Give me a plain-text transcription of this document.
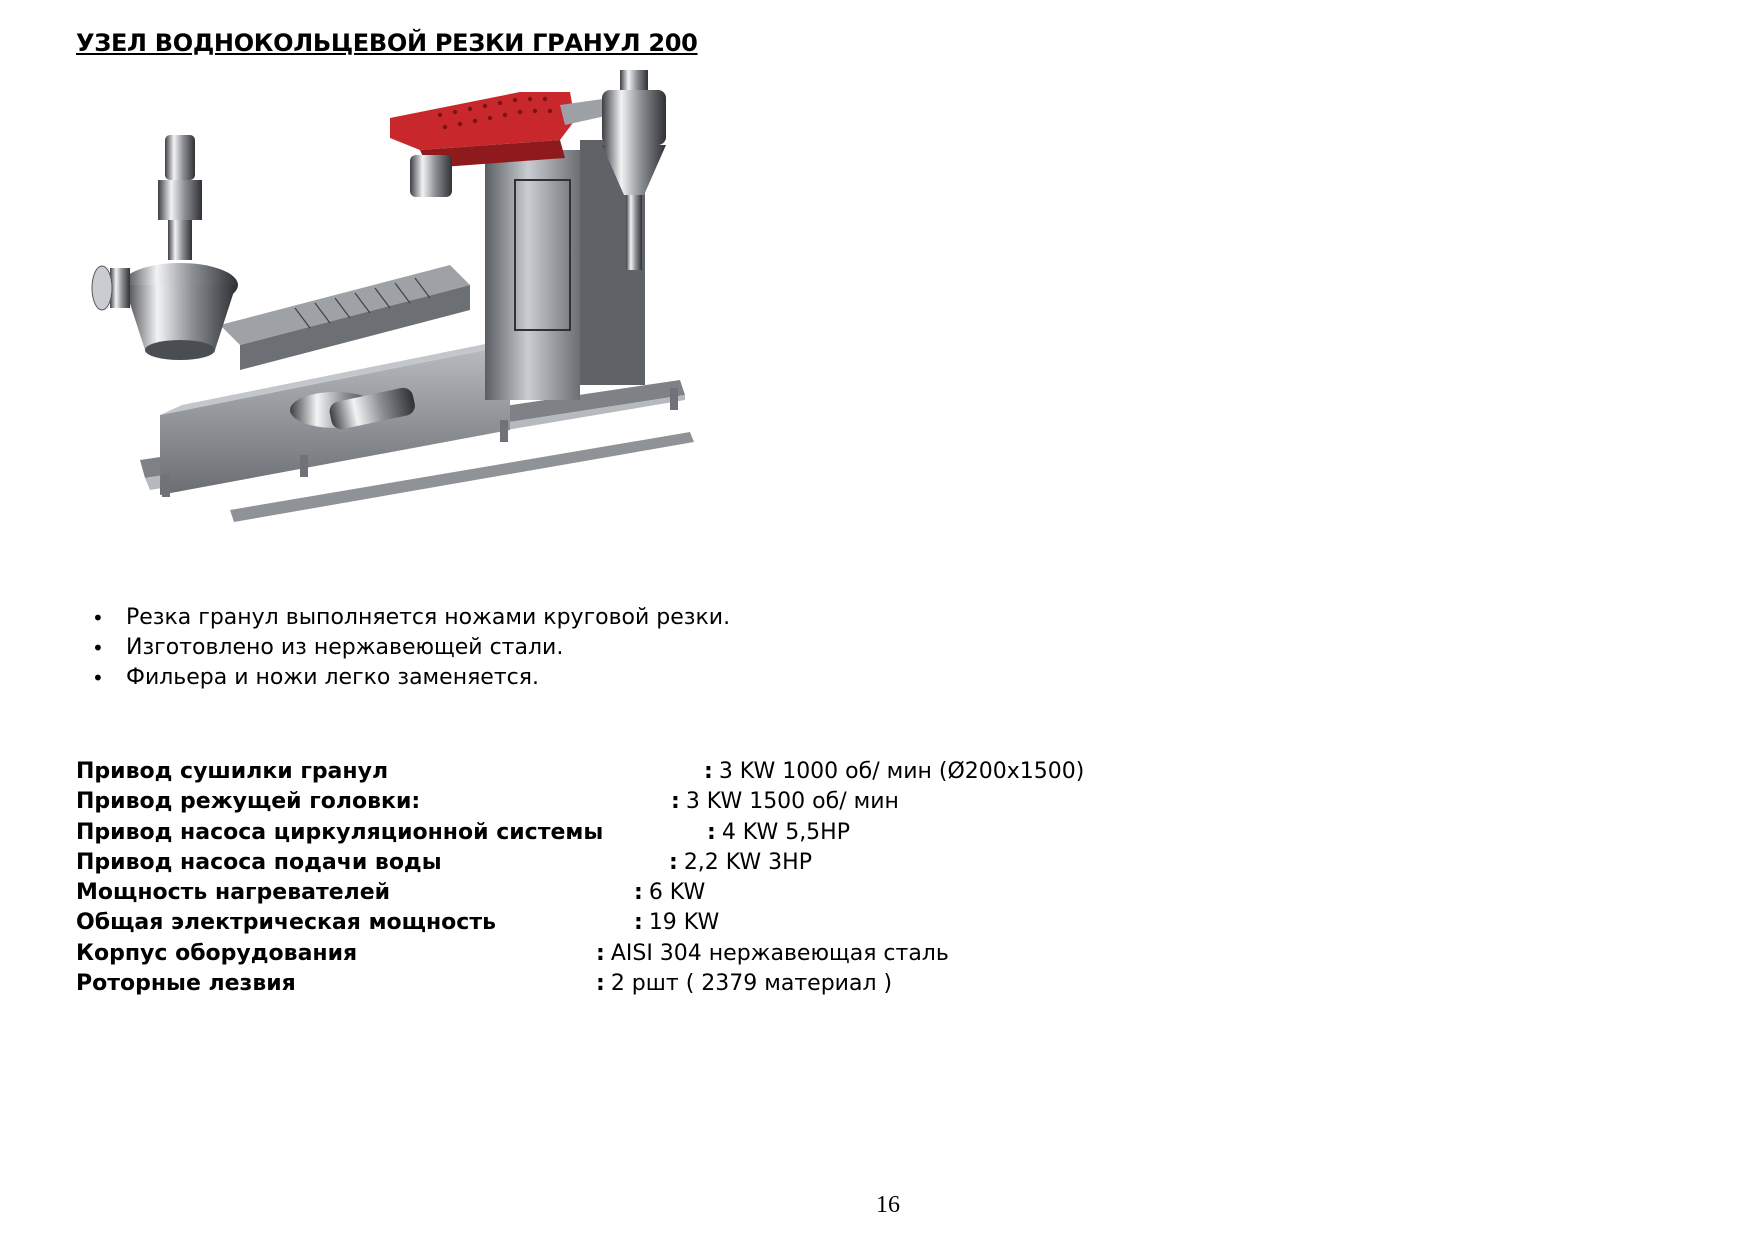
УЗЕЛ ВОДНОКОЛЬЦЕВОЙ РЕЗКИ ГРАНУЛ 200
• Резка гранул выполняется ножами круговой резки.
• Изготовлено из нержавеющей стали.
• Фильера и ножи легко заменяется.
Привод сушилки гранул	: 3 KW 1000 об/ мин (Ø200x1500)
Привод режущей головки:	: 3 KW 1500 об/ мин
Привод насоса циркуляционной системы	: 4 KW 5,5HP
Привод насоса подачи воды	: 2,2 KW 3HP
Мощность нагревателей	: 6 KW
Общая электрическая мощность	: 19 KW
Корпус оборудования	: AISI 304 нержавеющая сталь
Роторные лезвия	: 2 ршт ( 2379 материал )
16
